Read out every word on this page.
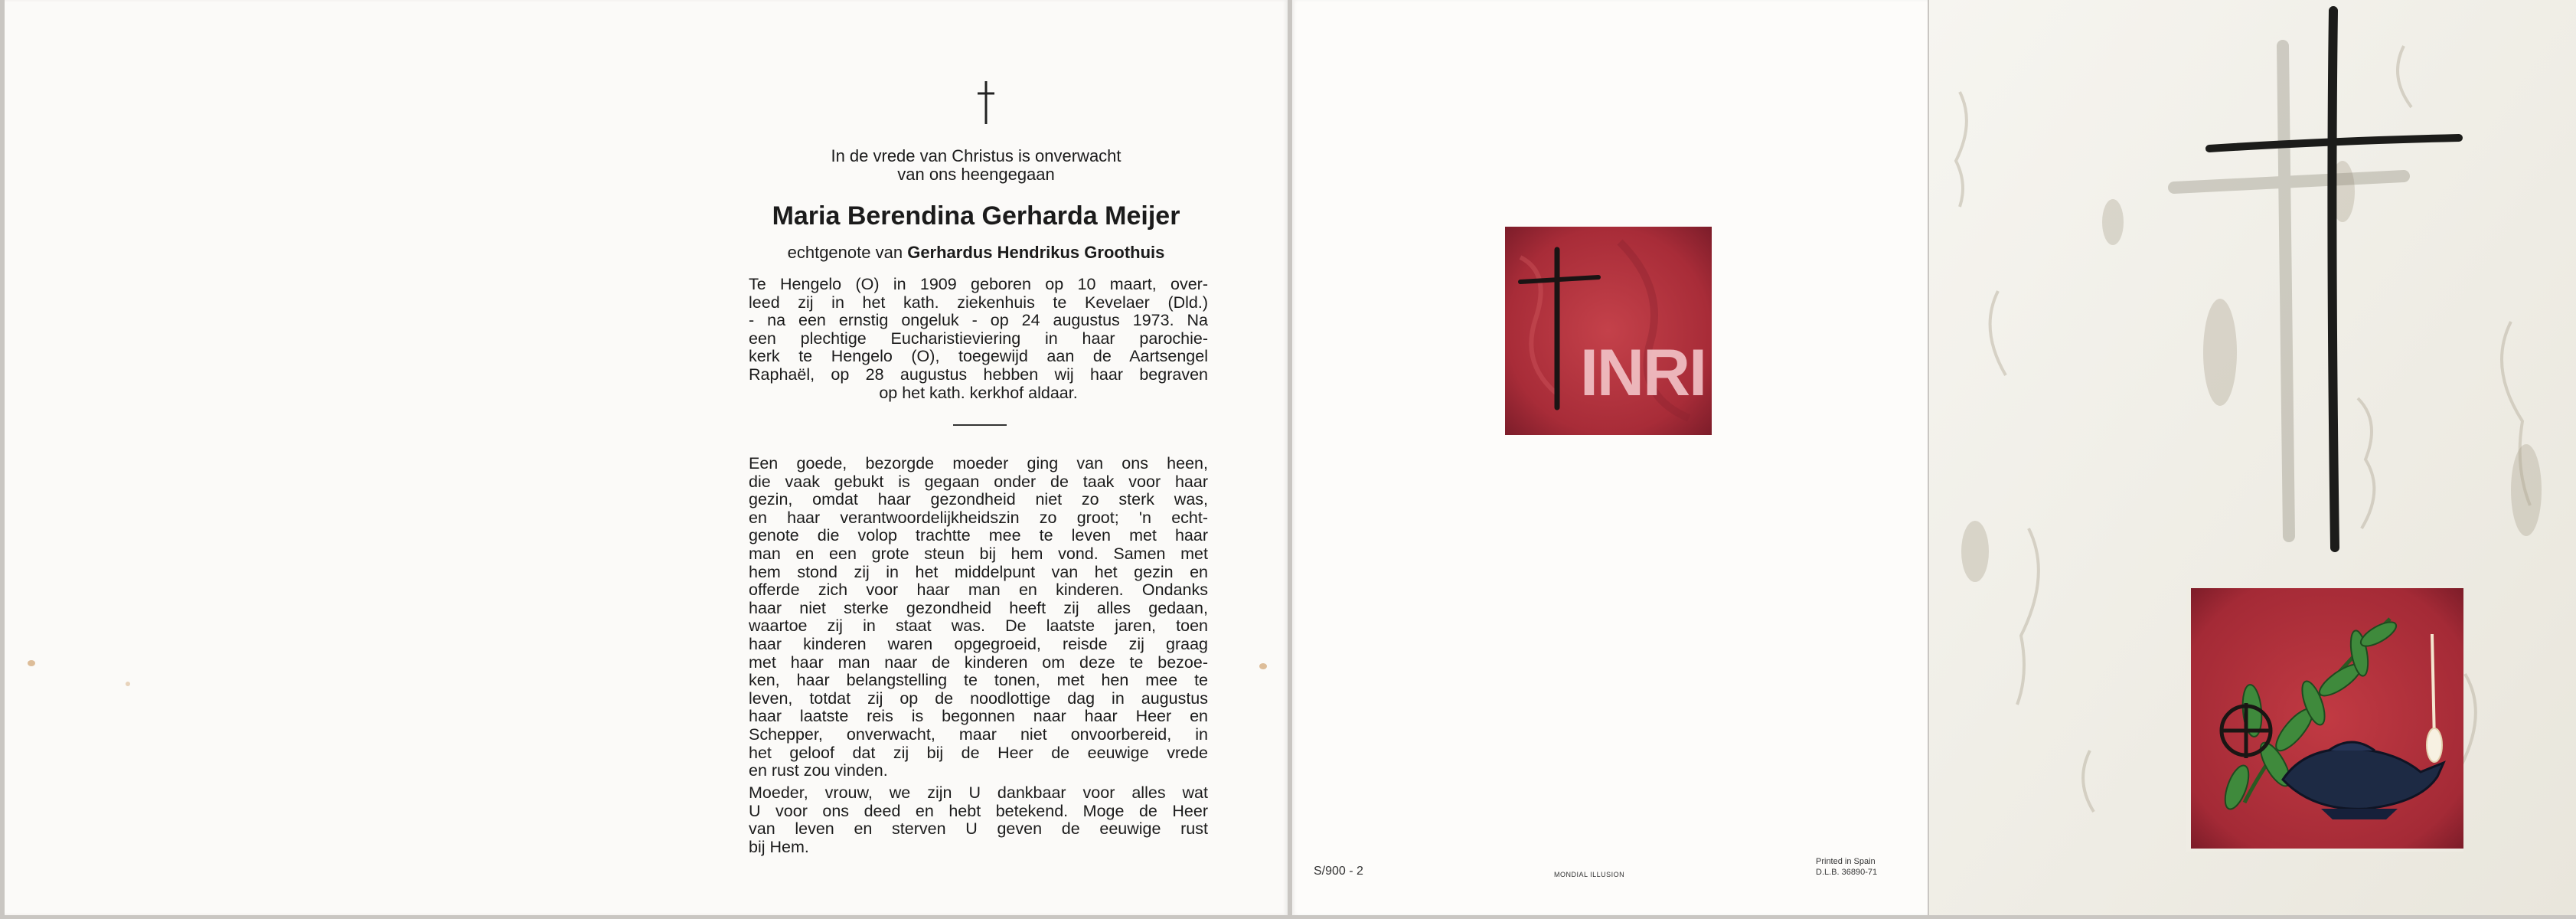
In de vrede van Christus is onverwacht
van ons heengegaan
Maria Berendina Gerharda Meijer
echtgenote van Gerhardus Hendrikus Groothuis
Te Hengelo (O) in 1909 geboren op 10 maart, over-
leed zij in het kath. ziekenhuis te Kevelaer (Dld.)
- na een ernstig ongeluk - op 24 augustus 1973. Na
een plechtige Eucharistieviering in haar parochie-
kerk te Hengelo (O), toegewijd aan de Aartsengel
Raphaël, op 28 augustus hebben wij haar begraven
op het kath. kerkhof aldaar.
Een goede, bezorgde moeder ging van ons heen,
die vaak gebukt is gegaan onder de taak voor haar
gezin, omdat haar gezondheid niet zo sterk was,
en haar verantwoordelijkheidszin zo groot; 'n echt-
genote die volop trachtte mee te leven met haar
man en een grote steun bij hem vond. Samen met
hem stond zij in het middelpunt van het gezin en
offerde zich voor haar man en kinderen. Ondanks
haar niet sterke gezondheid heeft zij alles gedaan,
waartoe zij in staat was. De laatste jaren, toen
haar kinderen waren opgegroeid, reisde zij graag
met haar man naar de kinderen om deze te bezoe-
ken, haar belangstelling te tonen, met hen mee te
leven, totdat zij op de noodlottige dag in augustus
haar laatste reis is begonnen naar haar Heer en
Schepper, onverwacht, maar niet onvoorbereid, in
het geloof dat zij bij de Heer de eeuwige vrede
en rust zou vinden.
Moeder, vrouw, we zijn U dankbaar voor alles wat
U voor ons deed en hebt betekend. Moge de Heer
van leven en sterven U geven de eeuwige rust
bij Hem.
INRI
S/900 - 2	MONDIAL ILLUSION
Printed in Spain
D.L.B. 36890-71
